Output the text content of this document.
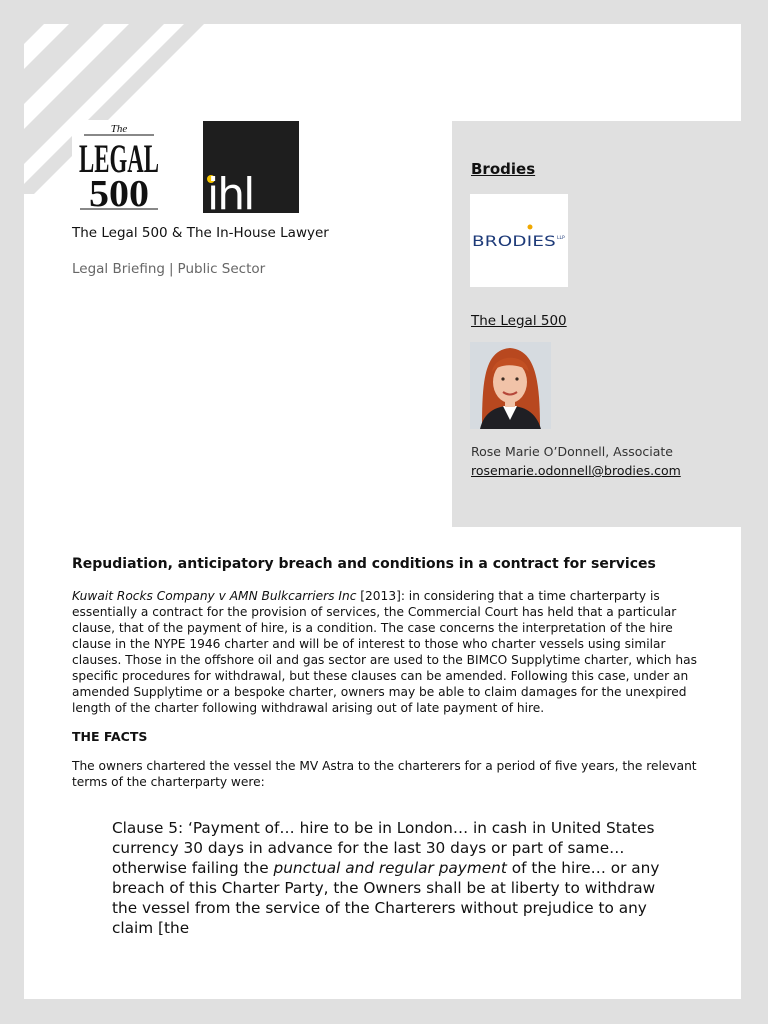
The
LEGAL
500 ihl
The Legal 500 & The In-House Lawyer
Legal Briefing | Public Sector
Brodies
BRODIES LLP
The Legal 500
Rose Marie O’Donnell, Associate
rosemarie.odonnell@brodies.com
Repudiation, anticipatory breach and conditions in a contract for services

Kuwait Rocks Company v AMN Bulkcarriers Inc [2013]: in considering that a time charterparty is essentially a contract for the provision of services, the Commercial Court has held that a particular clause, that of the payment of hire, is a condition. The case concerns the interpretation of the hire clause in the NYPE 1946 charter and will be of interest to those who charter vessels using similar clauses. Those in the offshore oil and gas sector are used to the BIMCO Supplytime charter, which has specific procedures for withdrawal, but these clauses can be amended. Following this case, under an amended Supplytime or a bespoke charter, owners may be able to claim damages for the unexpired length of the charter following withdrawal arising out of late payment of hire.

THE FACTS

The owners chartered the vessel the MV Astra to the charterers for a period of five years, the relevant terms of the charterparty were:

Clause 5: ‘Payment of… hire to be in London… in cash in United States currency 30 days in advance for the last 30 days or part of same… otherwise failing the punctual and regular payment of the hire… or any breach of this Charter Party, the Owners shall be at liberty to withdraw the vessel from the service of the Charterers without prejudice to any claim [the
